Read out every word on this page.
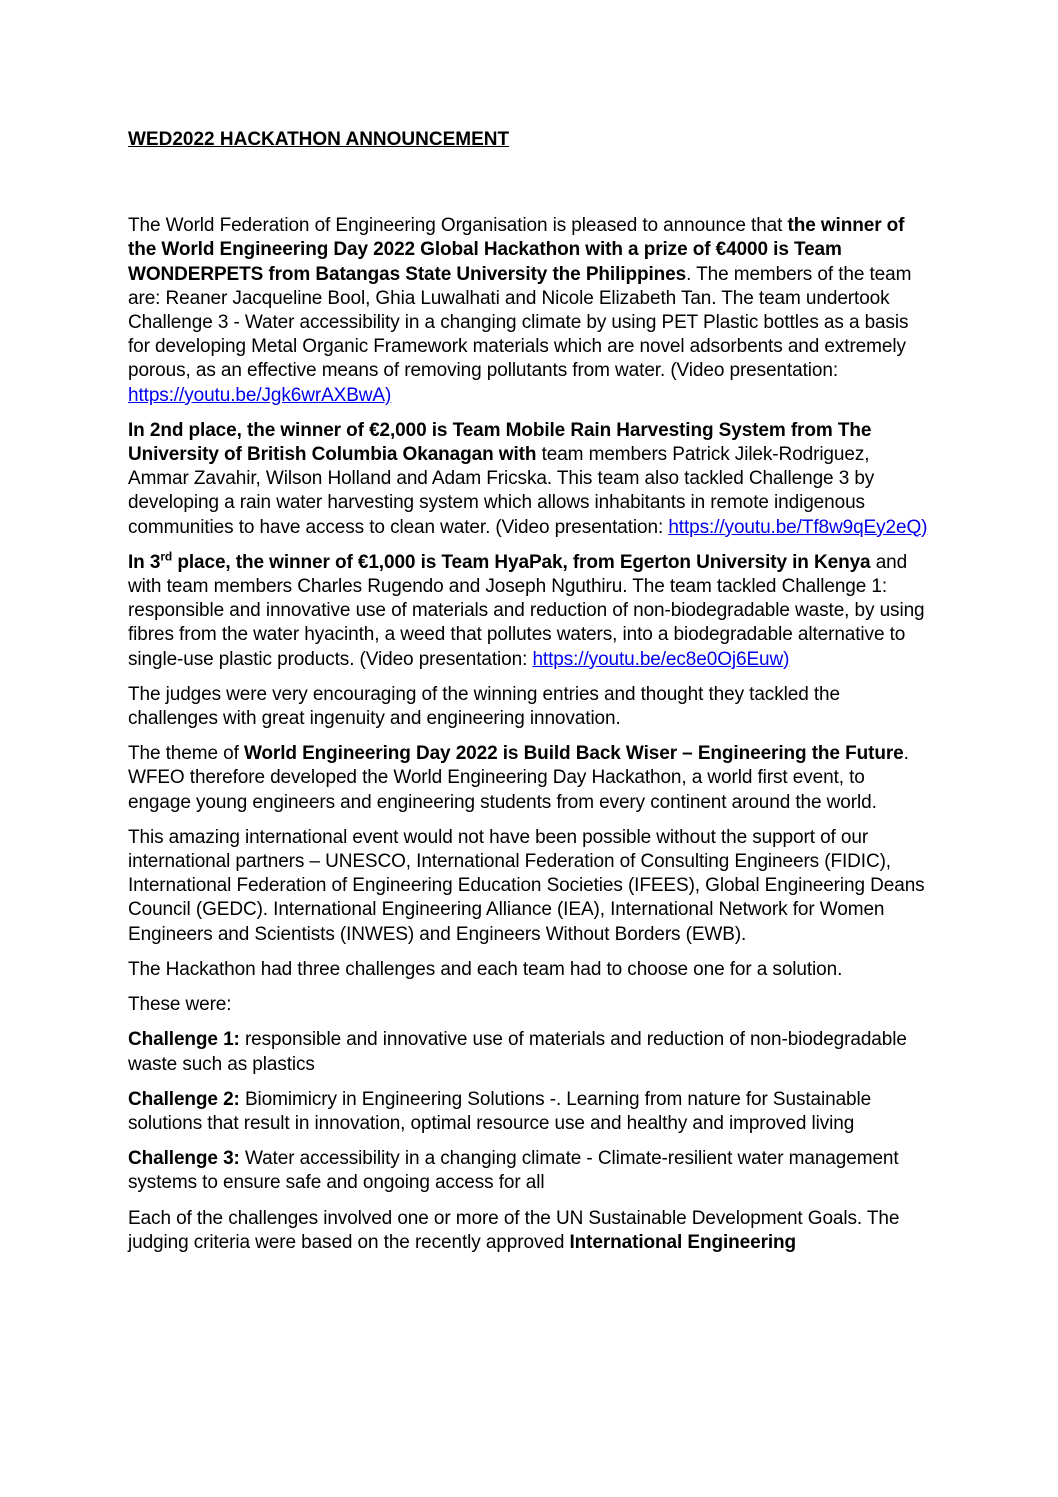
WED2022 HACKATHON ANNOUNCEMENT

The World Federation of Engineering Organisation is pleased to announce that the winner of the World Engineering Day 2022 Global Hackathon with a prize of €4000 is Team WONDERPETS from Batangas State University the Philippines. The members of the team are: Reaner Jacqueline Bool, Ghia Luwalhati and Nicole Elizabeth Tan. The team undertook Challenge 3 - Water accessibility in a changing climate by using PET Plastic bottles as a basis for developing Metal Organic Framework materials which are novel adsorbents and extremely porous, as an effective means of removing pollutants from water. (Video presentation: https://youtu.be/Jgk6wrAXBwA)

In 2nd place, the winner of €2,000 is Team Mobile Rain Harvesting System from The University of British Columbia Okanagan with team members Patrick Jilek-Rodriguez, Ammar Zavahir, Wilson Holland and Adam Fricska. This team also tackled Challenge 3 by developing a rain water harvesting system which allows inhabitants in remote indigenous communities to have access to clean water. (Video presentation: https://youtu.be/Tf8w9qEy2eQ)

In 3rd place, the winner of €1,000 is Team HyaPak, from Egerton University in Kenya and with team members Charles Rugendo and Joseph Nguthiru. The team tackled Challenge 1: responsible and innovative use of materials and reduction of non-biodegradable waste, by using fibres from the water hyacinth, a weed that pollutes waters, into a biodegradable alternative to single-use plastic products. (Video presentation: https://youtu.be/ec8e0Oj6Euw)

The judges were very encouraging of the winning entries and thought they tackled the challenges with great ingenuity and engineering innovation.

The theme of World Engineering Day 2022 is Build Back Wiser – Engineering the Future. WFEO therefore developed the World Engineering Day Hackathon, a world first event, to engage young engineers and engineering students from every continent around the world.

This amazing international event would not have been possible without the support of our international partners – UNESCO, International Federation of Consulting Engineers (FIDIC), International Federation of Engineering Education Societies (IFEES), Global Engineering Deans Council (GEDC). International Engineering Alliance (IEA), International Network for Women Engineers and Scientists (INWES) and Engineers Without Borders (EWB).

The Hackathon had three challenges and each team had to choose one for a solution.

These were:

Challenge 1: responsible and innovative use of materials and reduction of non-biodegradable waste such as plastics

Challenge 2: Biomimicry in Engineering Solutions -. Learning from nature for Sustainable solutions that result in innovation, optimal resource use and healthy and improved living

Challenge 3: Water accessibility in a changing climate - Climate-resilient water management systems to ensure safe and ongoing access for all

Each of the challenges involved one or more of the UN Sustainable Development Goals. The judging criteria were based on the recently approved International Engineering
